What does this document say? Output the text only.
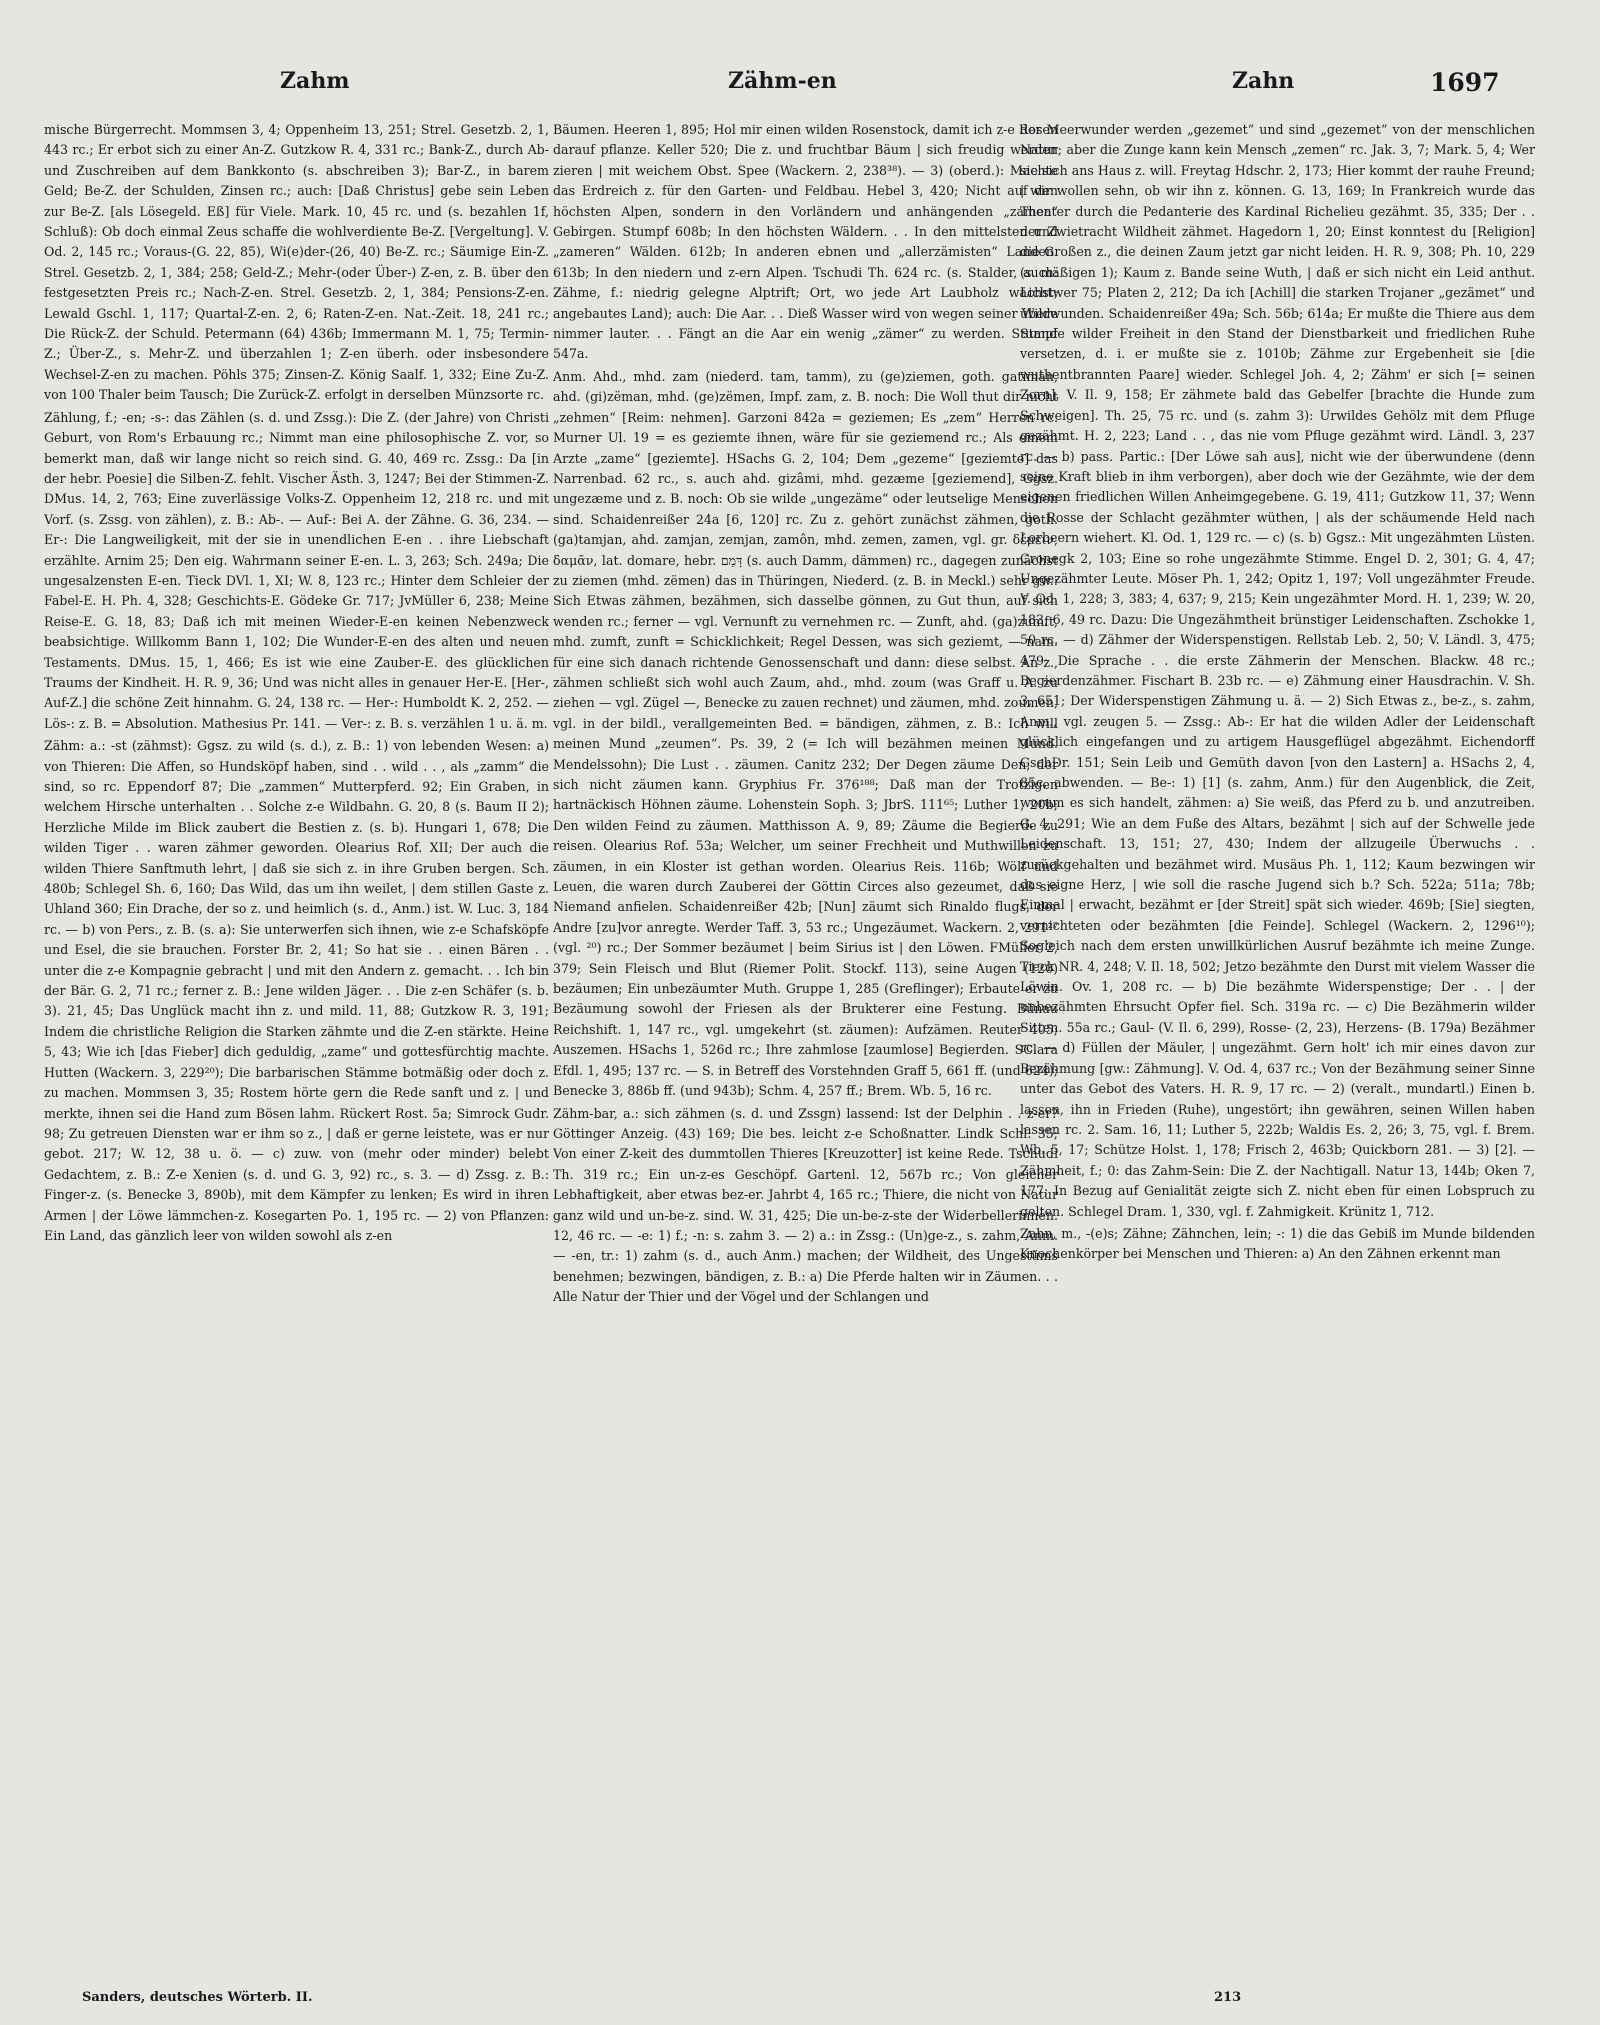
Zahm	Zähm-en	Zahn	1697

mische Bürgerrecht. Mommsen 3, 4; Oppenheim 13, 251; Strel. Gesetzb. 2, 1, 443 rc.; Er erbot sich zu einer An-Z. Gutzkow R. 4, 331 rc.; Bank-Z., durch Ab- und Zuschreiben auf dem Bankkonto (s. abschreiben 3); Bar-Z., in barem Geld; Be-Z. der Schulden, Zinsen rc.; auch: [Daß Christus] gebe sein Leben zur Be-Z. [als Lösegeld. Eß] für Viele. Mark. 10, 45 rc. und (s. bezahlen 1f, Schluß): Ob doch einmal Zeus schaffe die wohlverdiente Be-Z. [Vergeltung]. V. Od. 2, 145 rc.; Voraus-(G. 22, 85), Wi(e)der-(26, 40) Be-Z. rc.; Säumige Ein-Z. Strel. Gesetzb. 2, 1, 384; 258; Geld-Z.; Mehr-(oder Über-) Z-en, z. B. über den festgesetzten Preis rc.; Nach-Z-en. Strel. Gesetzb. 2, 1, 384; Pensions-Z-en. Lewald Gschl. 1, 117; Quartal-Z-en. 2, 6; Raten-Z-en. Nat.-Zeit. 18, 241 rc.; Die Rück-Z. der Schuld. Petermann (64) 436b; Immermann M. 1, 75; Termin-Z.; Über-Z., s. Mehr-Z. und überzahlen 1; Z-en überh. oder insbesondere Wechsel-Z-en zu machen. Pöhls 375; Zinsen-Z. König Saalf. 1, 332; Eine Zu-Z. von 100 Thaler beim Tausch; Die Zurück-Z. erfolgt in derselben Münzsorte rc.

Zählung, f.; -en; -s-: das Zählen (s. d. und Zssg.): Die Z. (der Jahre) von Christi Geburt, von Rom's Erbauung rc.; Nimmt man eine philosophische Z. vor, so bemerkt man, daß wir lange nicht so reich sind. G. 40, 469 rc. Zssg.: Da [in der hebr. Poesie] die Silben-Z. fehlt. Vischer Ästh. 3, 1247; Bei der Stimmen-Z. DMus. 14, 2, 763; Eine zuverlässige Volks-Z. Oppenheim 12, 218 rc. und mit Vorf. (s. Zssg. von zählen), z. B.: Ab-. — Auf-: Bei A. der Zähne. G. 36, 234. — Er-: Die Langweiligkeit, mit der sie in unendlichen E-en . . ihre Liebschaft erzählte. Arnim 25; Den eig. Wahrmann seiner E-en. L. 3, 263; Sch. 249a; Die ungesalzensten E-en. Tieck DVl. 1, XI; W. 8, 123 rc.; Hinter dem Schleier der Fabel-E. H. Ph. 4, 328; Geschichts-E. Gödeke Gr. 717; JvMüller 6, 238; Meine Reise-E. G. 18, 83; Daß ich mit meinen Wieder-E-en keinen Nebenzweck beabsichtige. Willkomm Bann 1, 102; Die Wunder-E-en des alten und neuen Testaments. DMus. 15, 1, 466; Es ist wie eine Zauber-E. des glücklichen Traums der Kindheit. H. R. 9, 36; Und was nicht alles in genauer Her-E. [Her-, Auf-Z.] die schöne Zeit hinnahm. G. 24, 138 rc. — Her-: Humboldt K. 2, 252. — Lös-: z. B. = Absolution. Mathesius Pr. 141. — Ver-: z. B. s. verzählen 1 u. ä. m.

Zähm: a.: -st (zähmst): Ggsz. zu wild (s. d.), z. B.: 1) von lebenden Wesen: a) von Thieren: Die Affen, so Hundsköpf haben, sind . . wild . . , als „zamm“ die sind, so rc. Eppendorf 87; Die „zammen“ Mutterpferd. 92; Ein Graben, in welchem Hirsche unterhalten . . Solche z-e Wildbahn. G. 20, 8 (s. Baum II 2); Herzliche Milde im Blick zaubert die Bestien z. (s. b). Hungari 1, 678; Die wilden Tiger . . waren zähmer geworden. Olearius Rof. XII; Der auch die wilden Thiere Sanftmuth lehrt, | daß sie sich z. in ihre Gruben bergen. Sch. 480b; Schlegel Sh. 6, 160; Das Wild, das um ihn weilet, | dem stillen Gaste z. Uhland 360; Ein Drache, der so z. und heimlich (s. d., Anm.) ist. W. Luc. 3, 184 rc. — b) von Pers., z. B. (s. a): Sie unterwerfen sich ihnen, wie z-e Schafsköpfe und Esel, die sie brauchen. Forster Br. 2, 41; So hat sie . . einen Bären . . unter die z-e Kompagnie gebracht | und mit den Andern z. gemacht. . . Ich bin der Bär. G. 2, 71 rc.; ferner z. B.: Jene wilden Jäger. . . Die z-en Schäfer (s. b. 3). 21, 45; Das Unglück macht ihn z. und mild. 11, 88; Gutzkow R. 3, 191; Indem die christliche Religion die Starken zähmte und die Z-en stärkte. Heine 5, 43; Wie ich [das Fieber] dich geduldig, „zame“ und gottesfürchtig machte. Hutten (Wackern. 3, 229²⁰); Die barbarischen Stämme botmäßig oder doch z. zu machen. Mommsen 3, 35; Rostem hörte gern die Rede sanft und z. | und merkte, ihnen sei die Hand zum Bösen lahm. Rückert Rost. 5a; Simrock Gudr. 98; Zu getreuen Diensten war er ihm so z., | daß er gerne leistete, was er nur gebot. 217; W. 12, 38 u. ö. — c) zuw. von (mehr oder minder) belebt Gedachtem, z. B.: Z-e Xenien (s. d. und G. 3, 92) rc., s. 3. — d) Zssg. z. B.: Finger-z. (s. Benecke 3, 890b), mit dem Kämpfer zu lenken; Es wird in ihren Armen | der Löwe lämmchen-z. Kosegarten Po. 1, 195 rc. — 2) von Pflanzen: Ein Land, das gänzlich leer von wilden sowohl als z-en

Bäumen. Heeren 1, 895; Hol mir einen wilden Rosenstock, damit ich z-e Rosen darauf pflanze. Keller 520; Die z. und fruchtbar Bäum | sich freudig werden zieren | mit weichem Obst. Spee (Wackern. 2, 238³⁸). — 3) (oberd.): Machte das Erdreich z. für den Garten- und Feldbau. Hebel 3, 420; Nicht auf den höchsten Alpen, sondern in den Vorländern und anhängenden „zamen“ Gebirgen. Stumpf 608b; In den höchsten Wäldern. . . In den mittelsten und „zameren“ Wälden. 612b; In anderen ebnen und „allerzämisten“ Landen. 613b; In den niedern und z-ern Alpen. Tschudi Th. 624 rc. (s. Stalder, auch: Zähme, f.: niedrig gelegne Alptrift; Ort, wo jede Art Laubholz wächst; angebautes Land); auch: Die Aar. . . Dieß Wasser wird von wegen seiner Wilde nimmer lauter. . . Fängt an die Aar ein wenig „zämer“ zu werden. Stumpf 547a.

Anm. Ahd., mhd. zam (niederd. tam, tamm), zu (ge)ziemen, goth. gatiman, ahd. (gi)zëman, mhd. (ge)zëmen, Impf. zam, z. B. noch: Die Woll thut dir nicht „zehmen“ [Reim: nehmen]. Garzoni 842a = geziemen; Es „zem“ Herren rc. Murner Ul. 19 = es geziemte ihnen, wäre für sie geziemend rc.; Als einem Arzte „zame“ [geziemte]. HSachs G. 2, 104; Dem „gezeme“ [geziemte] das Narrenbad. 62 rc., s. auch ahd. gizâmi, mhd. gezæme [geziemend], Ggsz. ungezæme und z. B. noch: Ob sie wilde „ungezäme“ oder leutselige Menschen sind. Schaidenreißer 24a [6, 120] rc. Zu z. gehört zunächst zähmen, goth. (ga)tamjan, ahd. zamjan, zemjan, zamôn, mhd. zemen, zamen, vgl. gr. δέμειν, δαμᾶν, lat. domare, hebr. דָּמַם (s. auch Damm, dämmen) rc., dagegen zunächst zu ziemen (mhd. zëmen) das in Thüringen, Niederd. (z. B. in Meckl.) sehr gw.: Sich Etwas zähmen, bezähmen, sich dasselbe gönnen, zu Gut thun, auf sich wenden rc.; ferner — vgl. Vernunft zu vernehmen rc. — Zunft, ahd. (ga)zumft, mhd. zumft, zunft = Schicklichkeit; Regel Dessen, was sich geziemt, — nam. für eine sich danach richtende Genossenschaft und dann: diese selbst. An z., zähmen schließt sich wohl auch Zaum, ahd., mhd. zoum (was Graff u. A. zu ziehen — vgl. Zügel —, Benecke zu zauen rechnet) und zäumen, mhd. zoumen, vgl. in der bildl., verallgemeinten Bed. = bändigen, zähmen, z. B.: Ich will meinen Mund „zeumen“. Ps. 39, 2 (= Ich will bezähmen meinen Mund. Mendelssohn); Die Lust . . zäumen. Canitz 232; Der Degen zäume Den, der sich nicht zäumen kann. Gryphius Fr. 376¹⁸⁸; Daß man der Trotzigen hartnäckisch Höhnen zäume. Lohenstein Soph. 3; JbrS. 111⁶⁵; Luther 1, 20b; Den wilden Feind zu zäumen. Matthisson A. 9, 89; Zäume die Begierde zu reisen. Olearius Rof. 53a; Welcher, um seiner Frechheit und Muthwillen zu zäumen, in ein Kloster ist gethan worden. Olearius Reis. 116b; Wölf und Leuen, die waren durch Zauberei der Göttin Circes also gezeumet, daß sie Niemand anfielen. Schaidenreißer 42b; [Nun] zäumt sich Rinaldo flugs, der Andre [zu]vor anregte. Werder Taff. 3, 53 rc.; Ungezäumet. Wackern. 2, 291²⁷ (vgl. ²⁰) rc.; Der Sommer bezäumet | beim Sirius ist | den Löwen. FMüller 2, 379; Sein Fleisch und Blut (Riemer Polit. Stockf. 113), seine Augen (120) bezäumen; Ein unbezäumter Muth. Gruppe 1, 285 (Greflinger); Erbaute er zu Bezäumung sowohl der Friesen als der Brukterer eine Festung. Bünau Reichshift. 1, 147 rc., vgl. umgekehrt (st. zäumen): Aufzämen. Reuter 405; Auszemen. HSachs 1, 526d rc.; Ihre zahmlose [zaumlose] Begierden. SClara Efdl. 1, 495; 137 rc. — S. in Betreff des Vorstehnden Graff 5, 661 ff. (und 624); Benecke 3, 886b ff. (und 943b); Schm. 4, 257 ff.; Brem. Wb. 5, 16 rc.

Zähm-bar, a.: sich zähmen (s. d. und Zssgn) lassend: Ist der Delphin . . z-er? Göttinger Anzeig. (43) 169; Die bes. leicht z-e Schoßnatter. Lindk Schl. 35; Von einer Z-keit des dummtollen Thieres [Kreuzotter] ist keine Rede. Tschudi Th. 319 rc.; Ein un-z-es Geschöpf. Gartenl. 12, 567b rc.; Von gleicher Lebhaftigkeit, aber etwas bez-er. Jahrbt 4, 165 rc.; Thiere, die nicht von Natur ganz wild und un-be-z. sind. W. 31, 425; Die un-be-z-ste der Widerbellerinnen. 12, 46 rc. — -e: 1) f.; -n: s. zahm 3. — 2) a.: in Zssg.: (Un)ge-z., s. zahm, Anm. — -en, tr.: 1) zahm (s. d., auch Anm.) machen; der Wildheit, des Ungestüms benehmen; bezwingen, bändigen, z. B.: a) Die Pferde halten wir in Zäumen. . . Alle Natur der Thier und der Vögel und der Schlangen und

der Meerwunder werden „gezemet“ und sind „gezemet“ von der menschlichen Natur; aber die Zunge kann kein Mensch „zemen“ rc. Jak. 3, 7; Mark. 5, 4; Wer sie sich ans Haus z. will. Freytag Hdschr. 2, 173; Hier kommt der rauhe Freund; | wir wollen sehn, ob wir ihn z. können. G. 13, 169; In Frankreich wurde das Theater durch die Pedanterie des Kardinal Richelieu gezähmt. 35, 335; Der . . der Zwietracht Wildheit zähmet. Hagedorn 1, 20; Einst konntest du [Religion] die Großen z., die deinen Zaum jetzt gar nicht leiden. H. R. 9, 308; Ph. 10, 229 (s. mäßigen 1); Kaum z. Bande seine Wuth, | daß er sich nicht ein Leid anthut. Lichtwer 75; Platen 2, 212; Da ich [Achill] die starken Trojaner „gezämet“ und überwunden. Schaidenreißer 49a; Sch. 56b; 614a; Er mußte die Thiere aus dem Stande wilder Freiheit in den Stand der Dienstbarkeit und friedlichen Ruhe versetzen, d. i. er mußte sie z. 1010b; Zähme zur Ergebenheit sie [die wuthentbrannten Paare] wieder. Schlegel Joh. 4, 2; Zähm' er sich [= seinen Zorn]. V. Il. 9, 158; Er zähmete bald das Gebelfer [brachte die Hunde zum Schweigen]. Th. 25, 75 rc. und (s. zahm 3): Urwildes Gehölz mit dem Pfluge gezähmt. H. 2, 223; Land . . , das nie vom Pfluge gezähmt wird. Ländl. 3, 237 rc. — b) pass. Partic.: [Der Löwe sah aus], nicht wie der überwundene (denn seine Kraft blieb in ihm verborgen), aber doch wie der Gezähmte, wie der dem eigenen friedlichen Willen Anheimgegebene. G. 19, 411; Gutzkow 11, 37; Wenn die Rosse der Schlacht gezähmter wüthen, | als der schäumende Held nach Lorbeern wiehert. Kl. Od. 1, 129 rc. — c) (s. b) Ggsz.: Mit ungezähmten Lüsten. Cronegk 2, 103; Eine so rohe ungezähmte Stimme. Engel D. 2, 301; G. 4, 47; Ungezähmter Leute. Möser Ph. 1, 242; Opitz 1, 197; Voll ungezähmter Freude. V. Od. 1, 228; 3, 383; 4, 637; 9, 215; Kein ungezähmter Mord. H. 1, 239; W. 20, 183; 6, 49 rc. Dazu: Die Ungezähmtheit brünstiger Leidenschaften. Zschokke 1, 50 rc. — d) Zähmer der Widerspenstigen. Rellstab Leb. 2, 50; V. Ländl. 3, 475; 479; Die Sprache . . die erste Zähmerin der Menschen. Blackw. 48 rc.; Begierdenzähmer. Fischart B. 23b rc. — e) Zähmung einer Hausdrachin. V. Sh. 3, 651; Der Widerspenstigen Zähmung u. ä. — 2) Sich Etwas z., be-z., s. zahm, Anm., vgl. zeugen 5. — Zssg.: Ab-: Er hat die wilden Adler der Leidenschaft glücklich eingefangen und zu artigem Hausgeflügel abgezähmt. Eichendorff GschDr. 151; Sein Leib und Gemüth davon [von den Lastern] a. HSachs 2, 4, 85c, abwenden. — Be-: 1) [1] (s. zahm, Anm.) für den Augenblick, die Zeit, worum es sich handelt, zähmen: a) Sie weiß, das Pferd zu b. und anzutreiben. G. 4, 291; Wie an dem Fuße des Altars, bezähmt | sich auf der Schwelle jede Leidenschaft. 13, 151; 27, 430; Indem der allzugeile Überwuchs . . zurückgehalten und bezähmet wird. Musäus Ph. 1, 112; Kaum bezwingen wir das eigne Herz, | wie soll die rasche Jugend sich b.? Sch. 522a; 511a; 78b; Einmal | erwacht, bezähmt er [der Streit] spät sich wieder. 469b; [Sie] siegten, vernichteten oder bezähmten [die Feinde]. Schlegel (Wackern. 2, 1296¹⁰); Sogleich nach dem ersten unwillkürlichen Ausruf bezähmte ich meine Zunge. Tieck NR. 4, 248; V. Il. 18, 502; Jetzo bezähmte den Durst mit vielem Wasser die Löwin. Ov. 1, 208 rc. — b) Die bezähmte Widerspenstige; Der . . | der unbezähmten Ehrsucht Opfer fiel. Sch. 319a rc. — c) Die Bezähmerin wilder Sitten. 55a rc.; Gaul- (V. Il. 6, 299), Rosse- (2, 23), Herzens- (B. 179a) Bezähmer rc. — d) Füllen der Mäuler, | ungezähmt. Gern holt' ich mir eines davon zur Bezähmung [gw.: Zähmung]. V. Od. 4, 637 rc.; Von der Bezähmung seiner Sinne unter das Gebot des Vaters. H. R. 9, 17 rc. — 2) (veralt., mundartl.) Einen b. lassen, ihn in Frieden (Ruhe), ungestört; ihn gewähren, seinen Willen haben lassen rc. 2. Sam. 16, 11; Luther 5, 222b; Waldis Es. 2, 26; 3, 75, vgl. f. Brem. Wb. 5, 17; Schütze Holst. 1, 178; Frisch 2, 463b; Quickborn 281. — 3) [2]. — Zähmheit, f.; 0: das Zahm-Sein: Die Z. der Nachtigall. Natur 13, 144b; Oken 7, 177; In Bezug auf Genialität zeigte sich Z. nicht eben für einen Lobspruch zu gelten. Schlegel Dram. 1, 330, vgl. f. Zahmigkeit. Krünitz 1, 712.

Zahn, m., -(e)s; Zähne; Zähnchen, lein; -: 1) die das Gebiß im Munde bildenden Knochenkörper bei Menschen und Thieren: a) An den Zähnen erkennt man

Sanders, deutsches Wörterb. II.	213
